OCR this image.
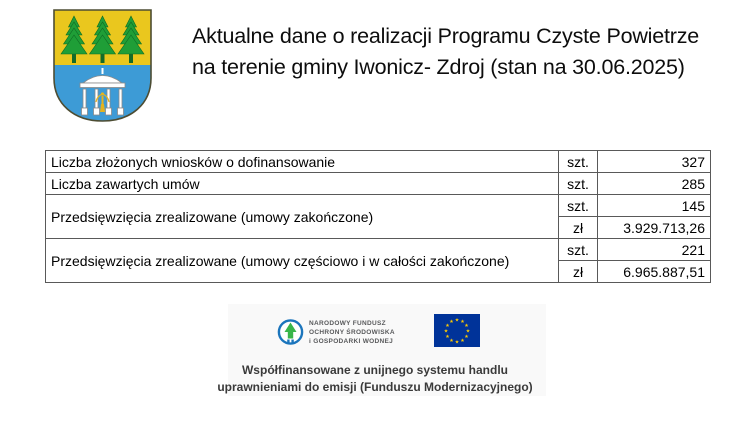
Aktualne dane o realizacji Programu Czyste Powietrze
na terenie gminy Iwonicz- Zdroj (stan na 30.06.2025)
Liczba złożonych wniosków o dofinansowanie	szt.	327
Liczba zawartych umów	szt.	285
Przedsięwzięcia zrealizowane (umowy zakończone)	szt.	145
	zł	3.929.713,26
Przedsięwzięcia zrealizowane (umowy częściowo i w całości zakończone)	szt.	221
	zł	6.965.887,51
NARODOWY FUNDUSZ
OCHRONY ŚRODOWISKA
i GOSPODARKI WODNEJ
★ ★
★
★
★
★
★
★
★
★
★
★
Współfinansowane z unijnego systemu handlu
uprawnieniami do emisji (Funduszu Modernizacyjnego)
